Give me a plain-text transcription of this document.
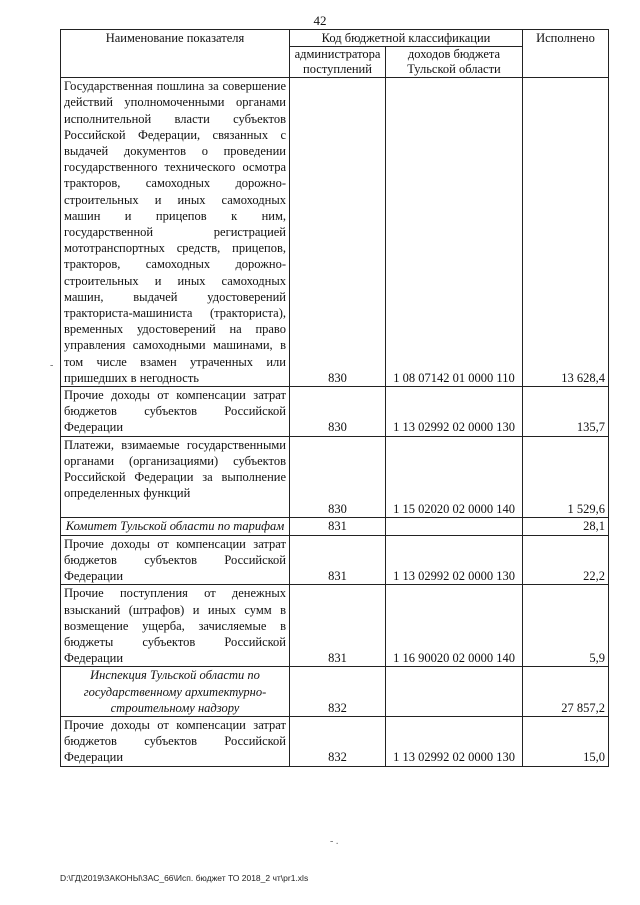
42
Наименование показателя	Код бюджетной классификации		Исполнено
	администратора поступлений	доходов бюджета Тульской области	
Государственная пошлина за совершение действий уполномоченными органами исполнительной власти субъектов Российской Федерации, связанных с выдачей документов о проведении государственного технического осмотра тракторов, самоходных дорожно-строительных и иных самоходных машин и прицепов к ним, государственной регистрацией мототранспортных средств, прицепов, тракторов, самоходных дорожно-строительных и иных самоходных машин, выдачей удостоверений тракториста-машиниста (тракториста), временных удостоверений на право управления самоходными машинами, в том числе взамен утраченных или пришедших в негодность	830	1 08 07142 01 0000 110	13 628,4
Прочие доходы от компенсации затрат бюджетов субъектов Российской Федерации	830	1 13 02992 02 0000 130	135,7
Платежи, взимаемые государственными органами (организациями) субъектов Российской Федерации за выполнение определенных функций	830	1 15 02020 02 0000 140	1 529,6
Комитет Тульской области по тарифам	831		28,1
Прочие доходы от компенсации затрат бюджетов субъектов Российской Федерации	831	1 13 02992 02 0000 130	22,2
Прочие поступления от денежных взысканий (штрафов) и иных сумм в возмещение ущерба, зачисляемые в бюджеты субъектов Российской Федерации	831	1 16 90020 02 0000 140	5,9
Инспекция Тульской области по государственному архитектурно-строительному надзору	832		27 857,2
Прочие доходы от компенсации затрат бюджетов субъектов Российской Федерации	832	1 13 02992 02 0000 130	15,0
-
- .
D:\ГД\2019\ЗАКОНЫ\ЗАС_66\Исп. бюджет ТО 2018_2 чт\pr1.xls
